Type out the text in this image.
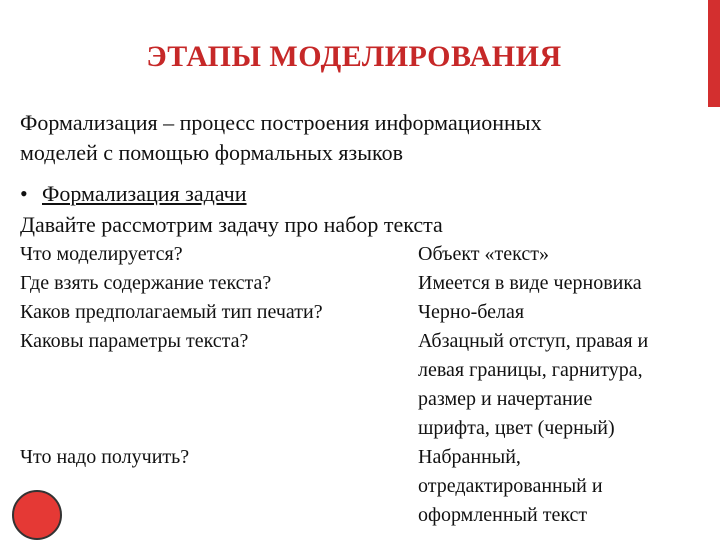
ЭТАПЫ МОДЕЛИРОВАНИЯ
Формализация – процесс построения информационных
моделей с помощью формальных языков
• Формализация задачи
Давайте рассмотрим задачу про набор текста
Что моделируется?
Где взять содержание текста?
Каков предполагаемый тип печати?
Каковы параметры текста?
Что надо получить?
Объект «текст»
Имеется в виде черновика
Черно-белая
Абзацный отступ, правая и
левая границы, гарнитура,
размер и начертание
шрифта, цвет (черный)
Набранный,
отредактированный и
оформленный текст
